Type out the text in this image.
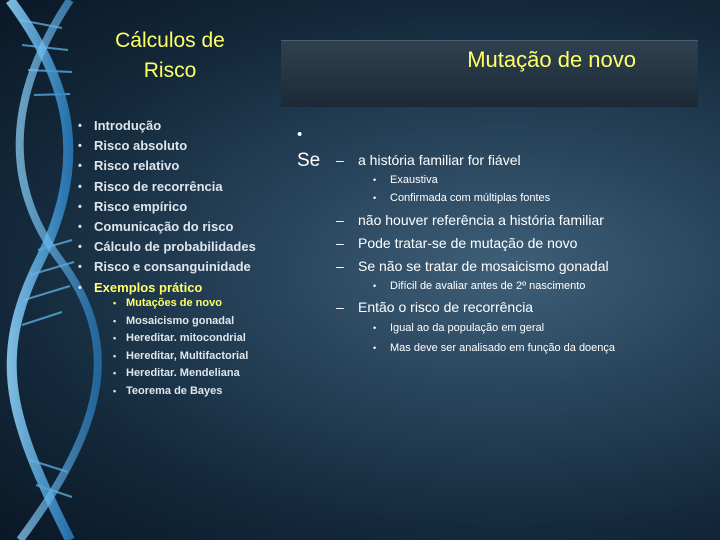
Cálculos de
Risco	Mutação de novo
• Introdução
• Risco absoluto
• Risco relativo
• Risco de recorrência
• Risco empírico
• Comunicação do risco
• Cálculo de probabilidades
• Risco e consanguinidade
• Exemplos prático
• Mutações de novo
• Mosaicismo gonadal
• Hereditar. mitocondrial
• Hereditar, Multifactorial
• Hereditar. Mendeliana
• Teorema de Bayes
•Se	– a história familiar for fiável
• Exaustiva
• Confirmada com múltiplas fontes
– não houver referência a história familiar
– Pode tratar-se de mutação de novo
– Se não se tratar de mosaicismo gonadal
• Difícil de avaliar antes de 2º nascimento
– Então o risco de recorrência
• Igual ao da população em geral
• Mas deve ser analisado em função da doença
